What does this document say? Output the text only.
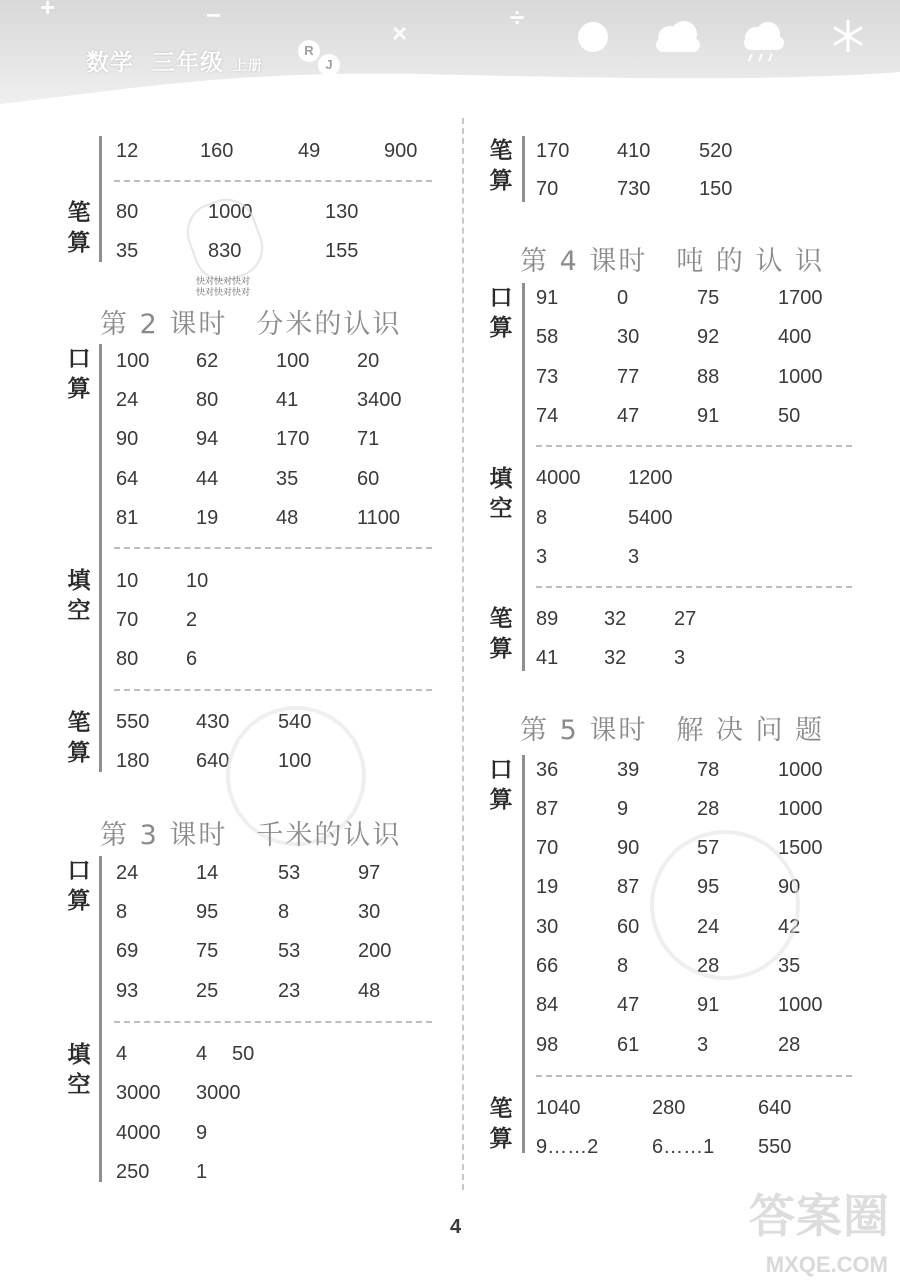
+	−
×
÷
数学 三年级 上册
R
J
12	160	49	900
笔算
80	1000	130
35	830	155
快对快对快对快对快对快对
第 2 课时　分米的认识
口算
100 62	100 20
24	80	41	3400
90	94	170 71
64	44	35	60
81	19	48	1100
填空
10 10
70 2
80 6
笔算
550 430 540
180 640 100
第 3 课时　千米的认识
口算
24	14	53	97
8	95	8	30
69	75	53	200
93	25	23	48
填空
4	4 50
3000 3000
4000 9
250 1
笔算
170 410 520
70	730 150
第 4 课时　吨 的 认 识
口算
91	0	75	1700
58	30	92	400
73	77	88	1000
74	47	91	50
填空
4000 1200
8	5400
3	3
笔算
89 32 27
41 32 3
第 5 课时　解 决 问 题
口算
36	39	78	1000
87	9	28	1000
70	90	57	1500
19	87	95	90
30	60	24	42
66	8	28	35
84	47	91	1000
98	61	3	28
笔算
1040	280	640
9……2	6……1 550
4	答案圈
MXQE.COM
